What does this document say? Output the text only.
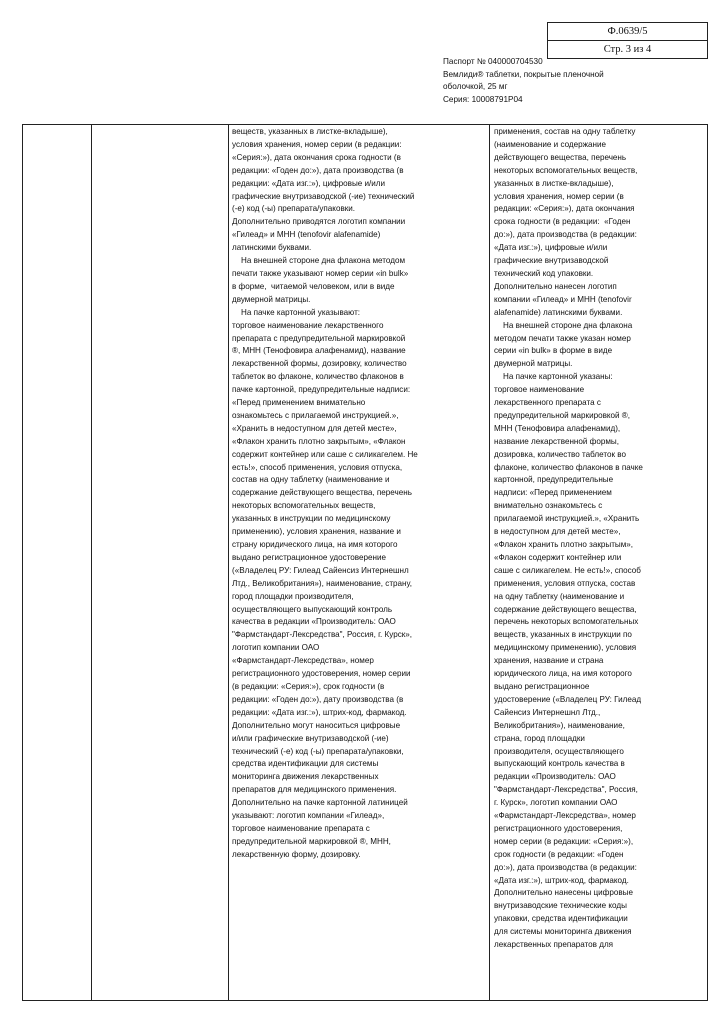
Ф.0639/5
Стр. 3 из 4
Паспорт № 040000704530
Вемлиди® таблетки, покрытые пленочной
оболочкой, 25 мг
Серия: 10008791P04
веществ, указанных в листке-вкладыше),
условия хранения, номер серии (в редакции:
«Серия:»), дата окончания срока годности (в
редакции: «Годен до:»), дата производства (в
редакции: «Дата изг.:»), цифровые и/или
графические внутризаводской (-ие) технический
(-е) код (-ы) препарата/упаковки.
Дополнительно приводятся логотип компании
«Гилеад» и МНН (tenofovir alafenamide)
латинскими буквами.
На внешней стороне дна флакона методом
печати также указывают номер серии «in bulk»
в форме,  читаемой человеком, или в виде
двумерной матрицы.
На пачке картонной указывают:
торговое наименование лекарственного
препарата с предупредительной маркировкой
®, МНН (Тенофовира алафенамид), название
лекарственной формы, дозировку, количество
таблеток во флаконе, количество флаконов в
пачке картонной, предупредительные надписи:
«Перед применением внимательно
ознакомьтесь с прилагаемой инструкцией.»,
«Хранить в недоступном для детей месте»,
«Флакон хранить плотно закрытым», «Флакон
содержит контейнер или саше с силикагелем. Не
есть!», способ применения, условия отпуска,
состав на одну таблетку (наименование и
содержание действующего вещества, перечень
некоторых вспомогательных веществ,
указанных в инструкции по медицинскому
применению), условия хранения, название и
страну юридического лица, на имя которого
выдано регистрационное удостоверение
(«Владелец РУ: Гилеад Сайенсиз Интернешнл
Лтд., Великобритания»), наименование, страну,
город площадки производителя,
осуществляющего выпускающий контроль
качества в редакции «Производитель: ОАО
"Фармстандарт-Лексредства", Россия, г. Курск»,
логотип компании ОАО
«Фармстандарт-Лексредства», номер
регистрационного удостоверения, номер серии
(в редакции: «Серия:»), срок годности (в
редакции: «Годен до:»), дату производства (в
редакции: «Дата изг.:»), штрих-код, фармакод.
Дополнительно могут наноситься цифровые
и/или графические внутризаводской (-ие)
технический (-е) код (-ы) препарата/упаковки,
средства идентификации для системы
мониторинга движения лекарственных
препаратов для медицинского применения.
Дополнительно на пачке картонной латиницей
указывают: логотип компании «Гилеад»,
торговое наименование препарата с
предупредительной маркировкой ®, МНН,
лекарственную форму, дозировку.
применения, состав на одну таблетку
(наименование и содержание
действующего вещества, перечень
некоторых вспомогательных веществ,
указанных в листке-вкладыше),
условия хранения, номер серии (в
редакции: «Серия:»), дата окончания
срока годности (в редакции:  «Годен
до:»), дата производства (в редакции:
«Дата изг.:»), цифровые и/или
графические внутризаводской
технический код упаковки.
Дополнительно нанесен логотип
компании «Гилеад» и МНН (tenofovir
alafenamide) латинскими буквами.
На внешней стороне дна флакона
методом печати также указан номер
серии «in bulk» в форме в виде
двумерной матрицы.
На пачке картонной указаны:
торговое наименование
лекарственного препарата с
предупредительной маркировкой ®,
МНН (Тенофовира алафенамид),
название лекарственной формы,
дозировка, количество таблеток во
флаконе, количество флаконов в пачке
картонной, предупредительные
надписи: «Перед применением
внимательно ознакомьтесь с
прилагаемой инструкцией.», «Хранить
в недоступном для детей месте»,
«Флакон хранить плотно закрытым»,
«Флакон содержит контейнер или
саше с силикагелем. Не есть!», способ
применения, условия отпуска, состав
на одну таблетку (наименование и
содержание действующего вещества,
перечень некоторых вспомогательных
веществ, указанных в инструкции по
медицинскому применению), условия
хранения, название и страна
юридического лица, на имя которого
выдано регистрационное
удостоверение («Владелец РУ: Гилеад
Сайенсиз Интернешнл Лтд.,
Великобритания»), наименование,
страна, город площадки
производителя, осуществляющего
выпускающий контроль качества в
редакции «Производитель: ОАО
"Фармстандарт-Лексредства", Россия,
г. Курск», логотип компании ОАО
«Фармстандарт-Лексредства», номер
регистрационного удостоверения,
номер серии (в редакции: «Серия:»),
срок годности (в редакции: «Годен
до:»), дата производства (в редакции:
«Дата изг.:»), штрих-код, фармакод.
Дополнительно нанесены цифровые
внутризаводские технические коды
упаковки, средства идентификации
для системы мониторинга движения
лекарственных препаратов для
